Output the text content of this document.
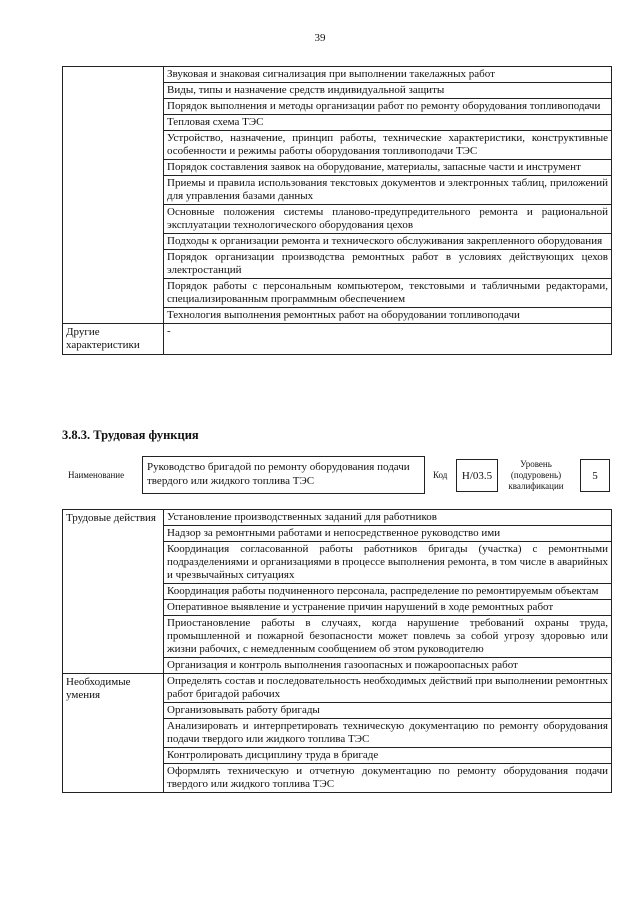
39
	Звуковая и знаковая сигнализация при выполнении такелажных работ
	Виды, типы и назначение средств индивидуальной защиты
	Порядок выполнения и методы организации работ по ремонту оборудования топливоподачи
	Тепловая схема ТЭС
	Устройство, назначение, принцип работы, технические характеристики, конструктивные особенности и режимы работы оборудования топливоподачи ТЭС
	Порядок составления заявок на оборудование, материалы, запасные части и инструмент
	Приемы и правила использования текстовых документов и электронных таблиц, приложений для управления базами данных
	Основные положения системы планово-предупредительного ремонта и рациональной эксплуатации технологического оборудования цехов
	Подходы к организации ремонта и технического обслуживания закрепленного оборудования
	Порядок организации производства ремонтных работ в условиях действующих цехов электростанций
	Порядок работы с персональным компьютером, текстовыми и табличными редакторами, специализированным программным обеспечением
	Технология выполнения ремонтных работ на оборудовании топливоподачи
Другие характеристики	-
3.8.3. Трудовая функция
Наименование
Руководство бригадой по ремонту оборудования подачи твердого или жидкого топлива ТЭС	Код	H/03.5
Уровень (подуровень) квалификации
5
Трудовые действия	Установление производственных заданий для работников
	Надзор за ремонтными работами и непосредственное руководство ими
	Координация согласованной работы работников бригады (участка) с ремонтными подразделениями и организациями в процессе выполнения ремонта, в том числе в аварийных и чрезвычайных ситуациях
	Координация работы подчиненного персонала, распределение по ремонтируемым объектам
	Оперативное выявление и устранение причин нарушений в ходе ремонтных работ
	Приостановление работы в случаях, когда нарушение требований охраны труда, промышленной и пожарной безопасности может повлечь за собой угрозу здоровью или жизни рабочих, с немедленным сообщением об этом руководителю
	Организация и контроль выполнения газоопасных и пожароопасных работ
Необходимые умения	Определять состав и последовательность необходимых действий при выполнении ремонтных работ бригадой рабочих
	Организовывать работу бригады
	Анализировать и интерпретировать техническую документацию по ремонту оборудования подачи твердого или жидкого топлива ТЭС
	Контролировать дисциплину труда в бригаде
	Оформлять техническую и отчетную документацию по ремонту оборудования подачи твердого или жидкого топлива ТЭС
